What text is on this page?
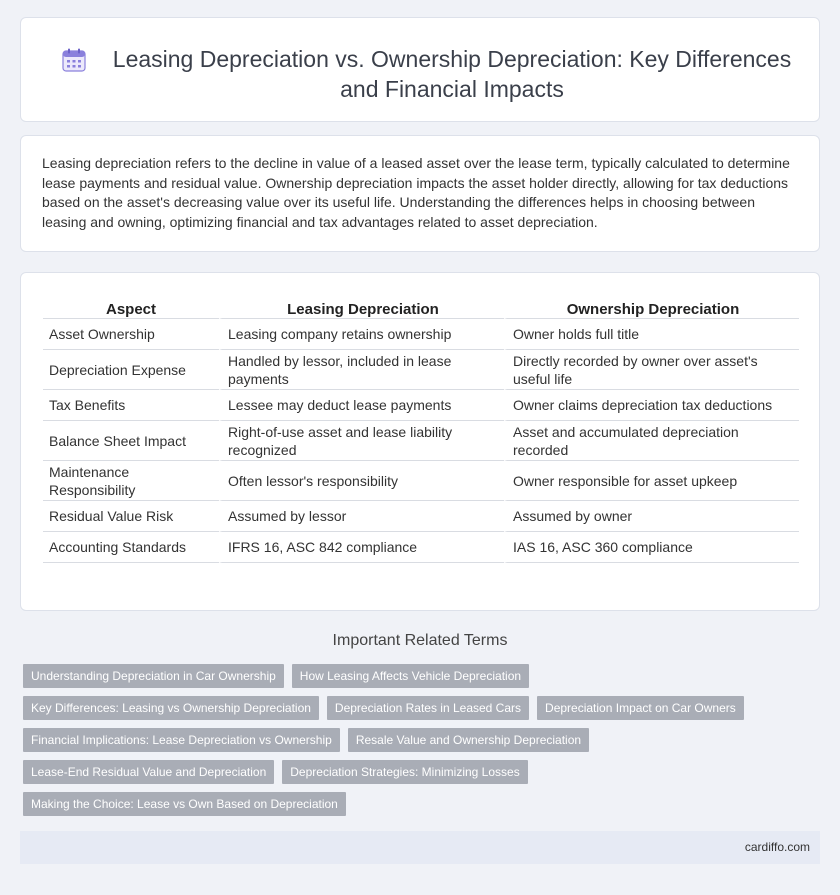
Leasing Depreciation vs. Ownership Depreciation: Key Differences and Financial Impacts

Leasing depreciation refers to the decline in value of a leased asset over the lease term, typically calculated to determine lease payments and residual value. Ownership depreciation impacts the asset holder directly, allowing for tax deductions based on the asset's decreasing value over its useful life. Understanding the differences helps in choosing between leasing and owning, optimizing financial and tax advantages related to asset depreciation.

Aspect	Leasing Depreciation	Ownership Depreciation
Asset Ownership	Leasing company retains ownership	Owner holds full title
Depreciation Expense	Handled by lessor, included in lease payments	Directly recorded by owner over asset's useful life
Tax Benefits	Lessee may deduct lease payments	Owner claims depreciation tax deductions
Balance Sheet Impact	Right-of-use asset and lease liability recognized	Asset and accumulated depreciation recorded
Maintenance Responsibility	Often lessor's responsibility	Owner responsible for asset upkeep
Residual Value Risk	Assumed by lessor	Assumed by owner
Accounting Standards	IFRS 16, ASC 842 compliance	IAS 16, ASC 360 compliance
Important Related Terms
Understanding Depreciation in Car Ownership	How Leasing Affects Vehicle Depreciation
Key Differences: Leasing vs Ownership Depreciation	Depreciation Rates in Leased Cars	Depreciation Impact on Car Owners
Financial Implications: Lease Depreciation vs Ownership	Resale Value and Ownership Depreciation
Lease-End Residual Value and Depreciation	Depreciation Strategies: Minimizing Losses
Making the Choice: Lease vs Own Based on Depreciation
cardiffo.com
